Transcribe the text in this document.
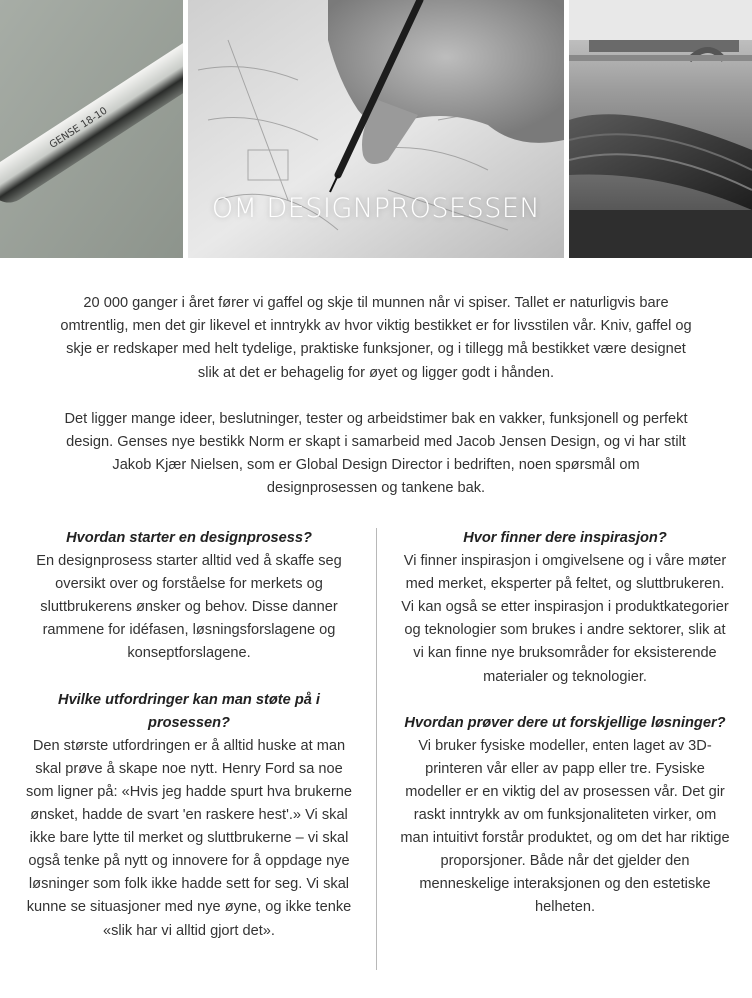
GENSE 18-10
OM DESIGNPROSESSEN

20 000 ganger i året fører vi gaffel og skje til munnen når vi spiser. Tallet er naturligvis bare omtrentlig, men det gir likevel et inntrykk av hvor viktig bestikket er for livsstilen vår. Kniv, gaffel og skje er redskaper med helt tydelige, praktiske funksjoner, og i tillegg må bestikket være designet slik at det er behagelig for øyet og ligger godt i hånden.

Det ligger mange ideer, beslutninger, tester og arbeidstimer bak en vakker, funksjonell og perfekt design. Genses nye bestikk Norm er skapt i samarbeid med Jacob Jensen Design, og vi har stilt Jakob Kjær Nielsen, som er Global Design Director i bedriften, noen spørsmål om designprosessen og tankene bak.

Hvordan starter en designprosess?

En designprosess starter alltid ved å skaffe seg oversikt over og forståelse for merkets og sluttbrukerens ønsker og behov. Disse danner rammene for idéfasen, løsningsforslagene og konseptforslagene.

Hvilke utfordringer kan man støte på i prosessen?

Den største utfordringen er å alltid huske at man skal prøve å skape noe nytt. Henry Ford sa noe som ligner på: «Hvis jeg hadde spurt hva brukerne ønsket, hadde de svart 'en raskere hest'.» Vi skal ikke bare lytte til merket og sluttbrukerne – vi skal også tenke på nytt og innovere for å oppdage nye løsninger som folk ikke hadde sett for seg. Vi skal kunne se situasjoner med nye øyne, og ikke tenke «slik har vi alltid gjort det».

Hvor finner dere inspirasjon?

Vi finner inspirasjon i omgivelsene og i våre møter med merket, eksperter på feltet, og sluttbrukeren. Vi kan også se etter inspirasjon i produktkategorier og teknologier som brukes i andre sektorer, slik at vi kan finne nye bruksområder for eksisterende materialer og teknologier.

Hvordan prøver dere ut forskjellige løsninger?

Vi bruker fysiske modeller, enten laget av 3D-printeren vår eller av papp eller tre. Fysiske modeller er en viktig del av prosessen vår. Det gir raskt inntrykk av om funksjonaliteten virker, om man intuitivt forstår produktet, og om det har riktige proporsjoner. Både når det gjelder den menneskelige interaksjonen og den estetiske helheten.
